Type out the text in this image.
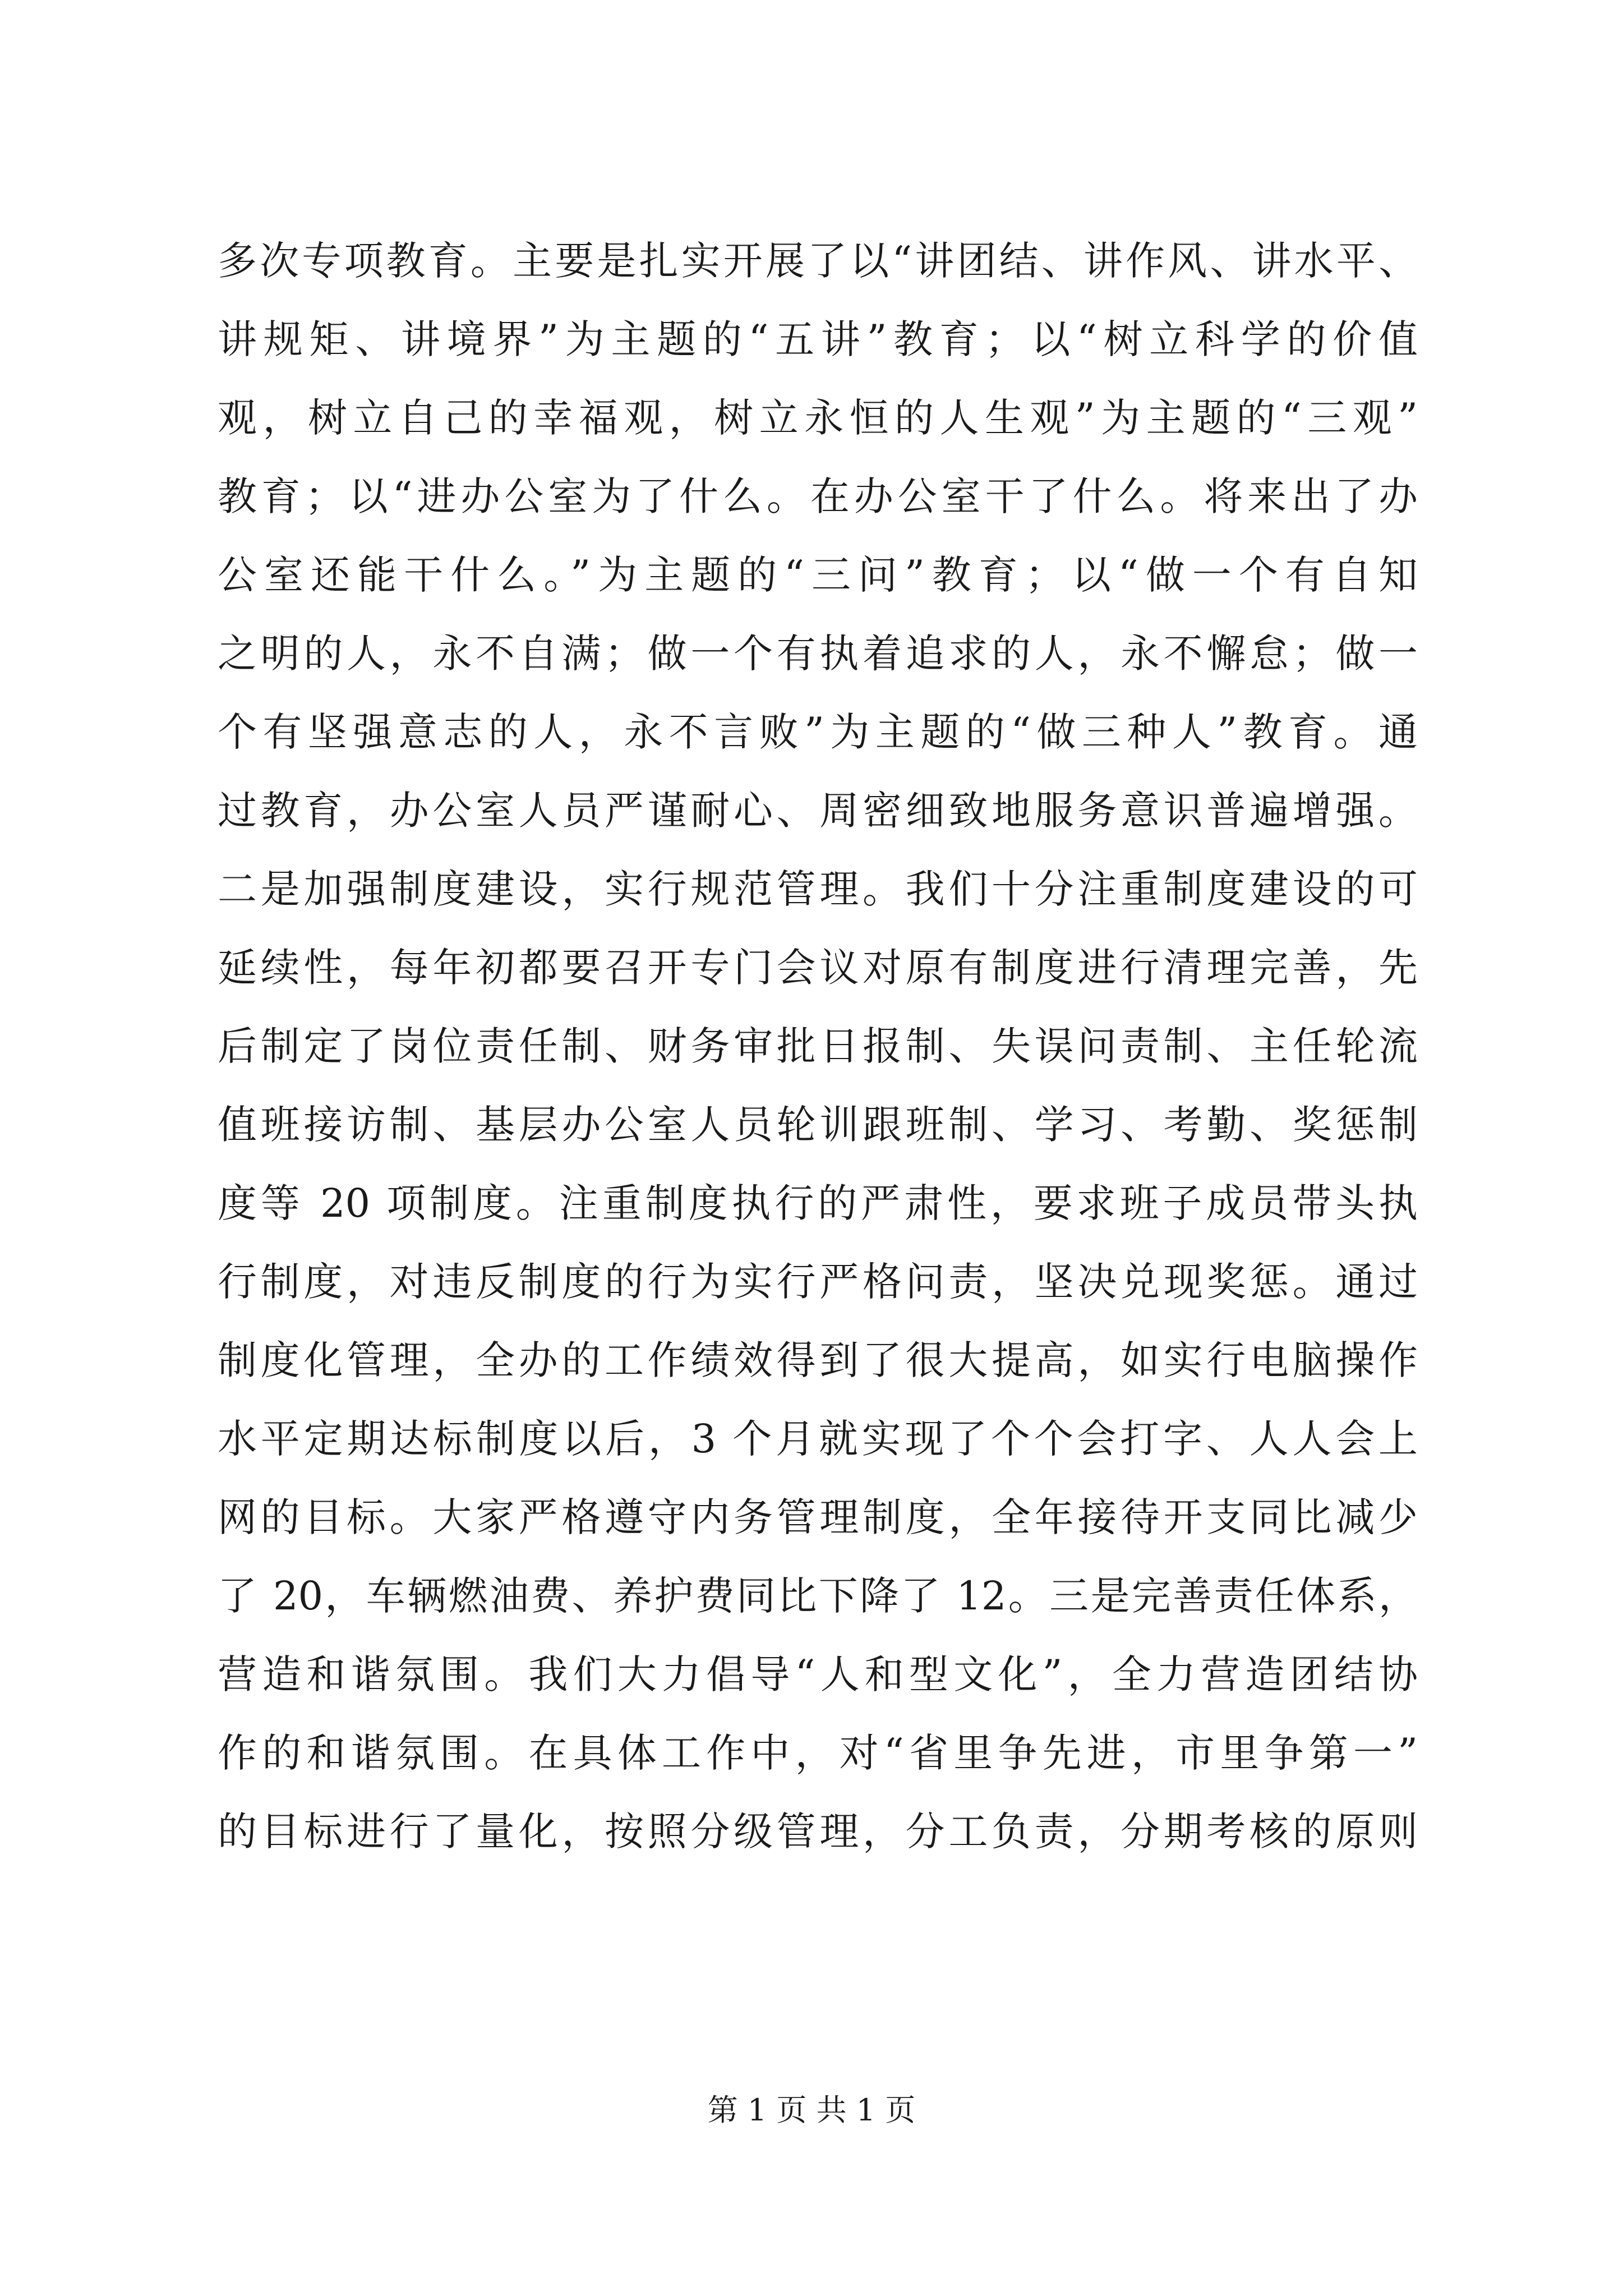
多次专项教育。主要是扎实开展了以“讲团结、讲作风、讲水平、
讲规矩、讲境界”为主题的“五讲”教育；以“树立科学的价值
观，树立自己的幸福观，树立永恒的人生观”为主题的“三观”
教育；以“进办公室为了什么。在办公室干了什么。将来出了办
公室还能干什么。”为主题的“三问”教育；以“做一个有自知
之明的人，永不自满；做一个有执着追求的人，永不懈怠；做一
个有坚强意志的人，永不言败”为主题的“做三种人”教育。通
过教育，办公室人员严谨耐心、周密细致地服务意识普遍增强。
二是加强制度建设，实行规范管理。我们十分注重制度建设的可
延续性，每年初都要召开专门会议对原有制度进行清理完善，先
后制定了岗位责任制、财务审批日报制、失误问责制、主任轮流
值班接访制、基层办公室人员轮训跟班制、学习、考勤、奖惩制
度等 20 项制度。注重制度执行的严肃性，要求班子成员带头执
行制度，对违反制度的行为实行严格问责，坚决兑现奖惩。通过
制度化管理，全办的工作绩效得到了很大提高，如实行电脑操作
水平定期达标制度以后，3 个月就实现了个个会打字、人人会上
网的目标。大家严格遵守内务管理制度，全年接待开支同比减少
了 20，车辆燃油费、养护费同比下降了 12。三是完善责任体系，
营造和谐氛围。我们大力倡导“人和型文化”，全力营造团结协
作的和谐氛围。在具体工作中，对“省里争先进，市里争第一”
的目标进行了量化，按照分级管理，分工负责，分期考核的原则
第 1 页 共 1 页
